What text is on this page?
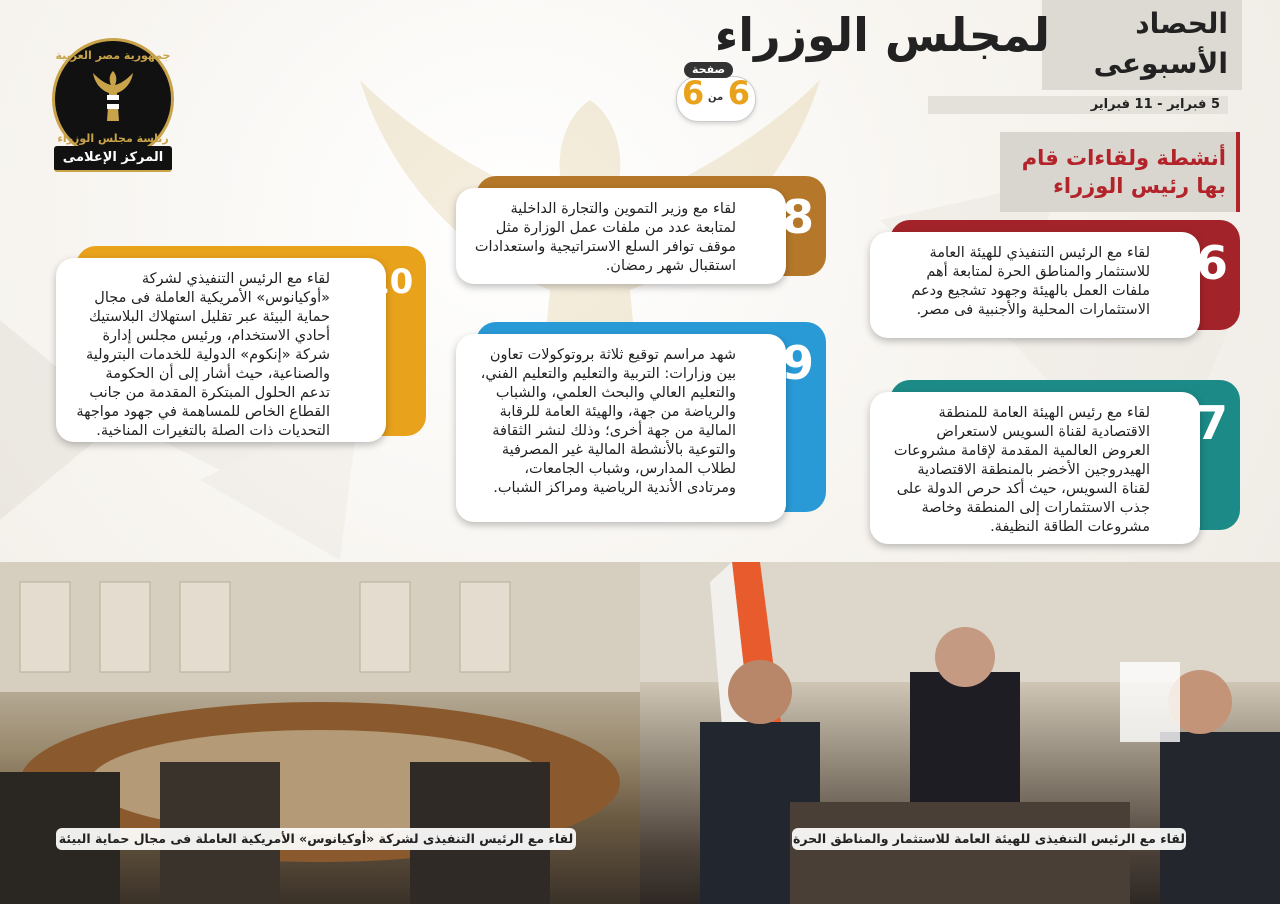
لمجلس الوزراء	الحصاد
الأسبوعى
5 فبراير - 11 فبراير
صفحة
6
من
6
جمهورية مصر العربية
رئاسة مجلس الوزراء
المركز الإعلامى	أنشطة ولقاءات قام
بها رئيس الوزراء
لقاء مع الرئيس التنفيذي للهيئة العامة للاستثمار والمناطق الحرة لمتابعة أهم ملفات العمل بالهيئة وجهود تشجيع ودعم الاستثمارات المحلية والأجنبية فى مصر.
6
لقاء مع رئيس الهيئة العامة للمنطقة الاقتصادية لقناة السويس لاستعراض العروض العالمية المقدمة لإقامة مشروعات الهيدروجين الأخضر بالمنطقة الاقتصادية لقناة السويس، حيث أكد حرص الدولة على جذب الاستثمارات إلى المنطقة وخاصة مشروعات الطاقة النظيفة.
7
لقاء مع وزير التموين والتجارة الداخلية لمتابعة عدد من ملفات عمل الوزارة مثل موقف توافر السلع الاستراتيجية واستعدادات استقبال شهر رمضان.
8
شهد مراسم توقيع ثلاثة بروتوكولات تعاون بين وزارات: التربية والتعليم والتعليم الفني، والتعليم العالي والبحث العلمي، والشباب والرياضة من جهة، والهيئة العامة للرقابة المالية من جهة أخرى؛ وذلك لنشر الثقافة والتوعية بالأنشطة المالية غير المصرفية لطلاب المدارس، وشباب الجامعات، ومرتادى الأندية الرياضية ومراكز الشباب.
9
لقاء مع الرئيس التنفيذي لشركة «أوكيانوس» الأمريكية العاملة فى مجال حماية البيئة عبر تقليل استهلاك البلاستيك أحادي الاستخدام، ورئيس مجلس إدارة شركة «إنكوم» الدولية للخدمات البترولية والصناعية، حيث أشار إلى أن الحكومة تدعم الحلول المبتكرة المقدمة من جانب القطاع الخاص للمساهمة في جهود مواجهة التحديات ذات الصلة بالتغيرات المناخية.
10
لقاء مع الرئيس التنفيذى لشركة «أوكيانوس» الأمريكية العاملة فى مجال حماية البيئة	لقاء مع الرئيس التنفيذى للهيئة العامة للاستثمار والمناطق الحرة
